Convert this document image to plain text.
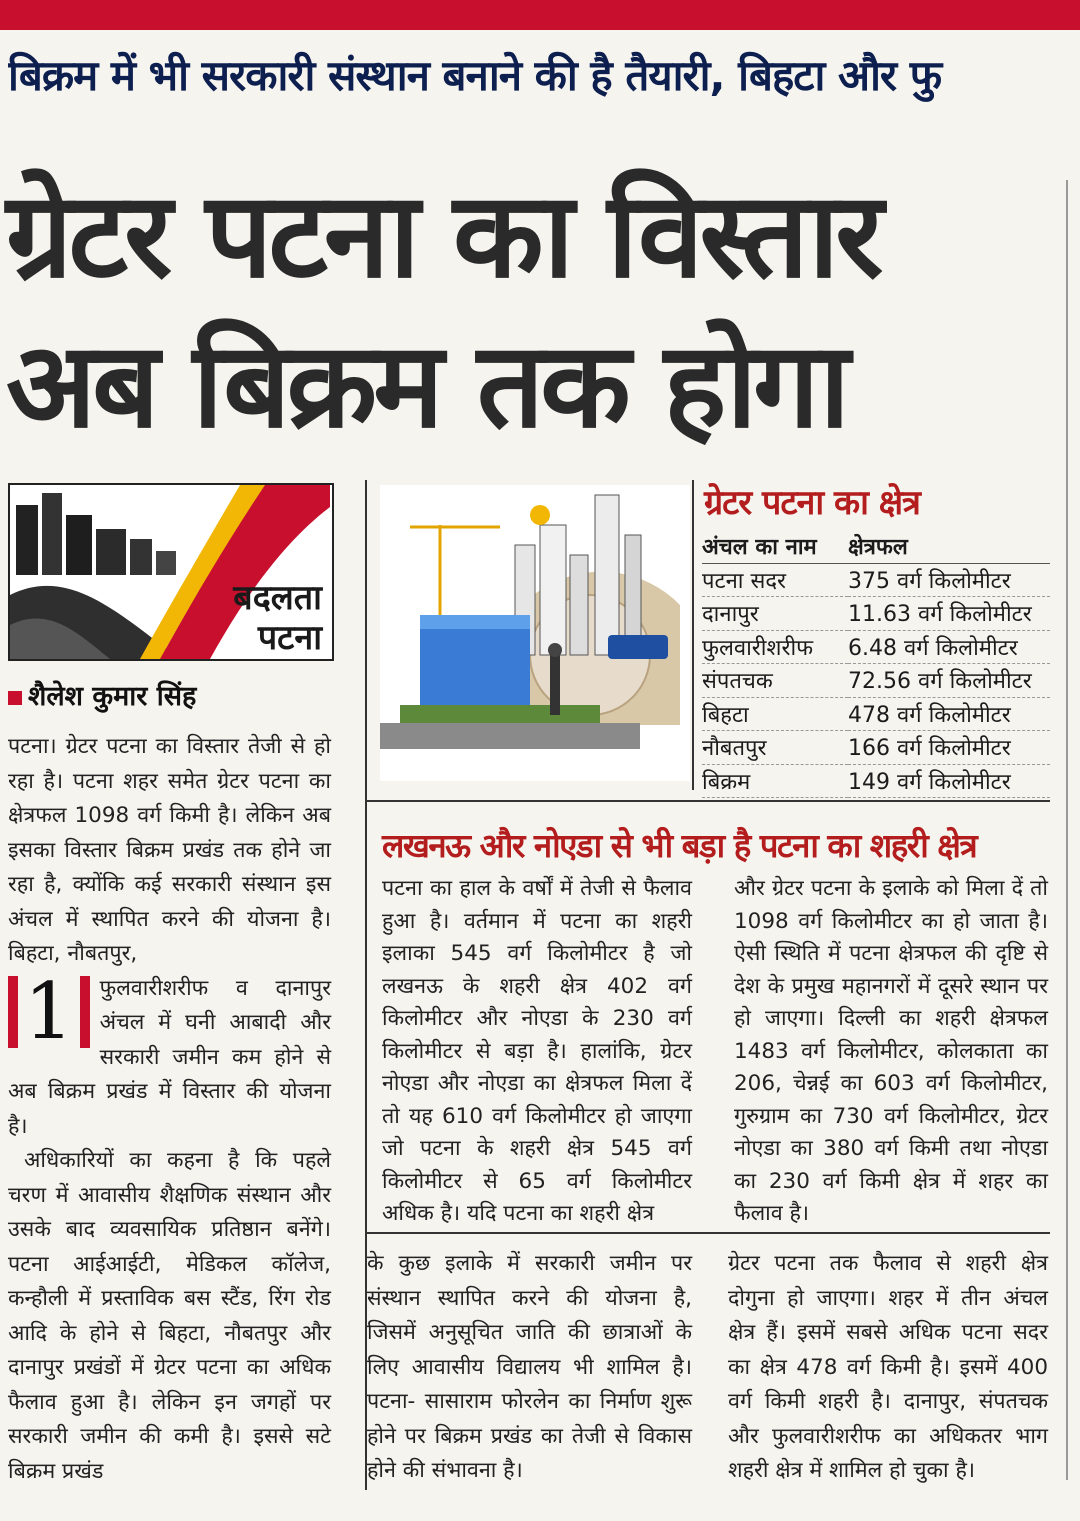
बिक्रम में भी सरकारी संस्थान बनाने की है तैयारी, बिहटा और फु
ग्रेटर पटना का विस्तार
अब बिक्रम तक होगा
बदलता
पटना
शैलेश कुमार सिंह

पटना। ग्रेटर पटना का विस्तार तेजी से हो रहा है। पटना शहर समेत ग्रेटर पटना का क्षेत्रफल 1098 वर्ग किमी है। लेकिन अब इसका विस्तार बिक्रम प्रखंड तक होने जा रहा है, क्योंकि कई सरकारी संस्थान इस अंचल में स्थापित करने की योजना है। बिहटा, नौबतपुर,

1	फुलवारीशरीफ व दानापुर अंचल में घनी आबादी और सरकारी जमीन कम होने से अब बिक्रम प्रखंड में विस्तार की योजना है।

अधिकारियों का कहना है कि पहले चरण में आवासीय शैक्षणिक संस्थान और उसके बाद व्यवसायिक प्रतिष्ठान बनेंगे। पटना आईआईटी, मेडिकल कॉलेज, कन्हौली में प्रस्ताविक बस स्टैंड, रिंग रोड आदि के होने से बिहटा, नौबतपुर और दानापुर प्रखंडों में ग्रेटर पटना का अधिक फैलाव हुआ है। लेकिन इन जगहों पर सरकारी जमीन की कमी है। इससे सटे बिक्रम प्रखंड

ग्रेटर पटना का क्षेत्र
अंचल का नाम	क्षेत्रफल
पटना सदर	375 वर्ग किलोमीटर
दानापुर	11.63 वर्ग किलोमीटर
फुलवारीशरीफ	6.48 वर्ग किलोमीटर
संपतचक	72.56 वर्ग किलोमीटर
बिहटा	478 वर्ग किलोमीटर
नौबतपुर	166 वर्ग किलोमीटर
बिक्रम	149 वर्ग किलोमीटर
लखनऊ और नोएडा से भी बड़ा है पटना का शहरी क्षेत्र
पटना का हाल के वर्षों में तेजी से फैलाव हुआ है। वर्तमान में पटना का शहरी इलाका 545 वर्ग किलोमीटर है जो लखनऊ के शहरी क्षेत्र 402 वर्ग किलोमीटर और नोएडा के 230 वर्ग किलोमीटर से बड़ा है। हालांकि, ग्रेटर नोएडा और नोएडा का क्षेत्रफल मिला दें तो यह 610 वर्ग किलोमीटर हो जाएगा जो पटना के शहरी क्षेत्र 545 वर्ग किलोमीटर से 65 वर्ग किलोमीटर अधिक है। यदि पटना का शहरी क्षेत्र
और ग्रेटर पटना के इलाके को मिला दें तो 1098 वर्ग किलोमीटर का हो जाता है। ऐसी स्थिति में पटना क्षेत्रफल की दृष्टि से देश के प्रमुख महानगरों में दूसरे स्थान पर हो जाएगा। दिल्ली का शहरी क्षेत्रफल 1483 वर्ग किलोमीटर, कोलकाता का 206, चेन्नई का 603 वर्ग किलोमीटर, गुरुग्राम का 730 वर्ग किलोमीटर, ग्रेटर नोएडा का 380 वर्ग किमी तथा नोएडा का 230 वर्ग किमी क्षेत्र में शहर का फैलाव है।
के कुछ इलाके में सरकारी जमीन पर संस्थान स्थापित करने की योजना है, जिसमें अनुसूचित जाति की छात्राओं के लिए आवासीय विद्यालय भी शामिल है। पटना- सासाराम फोरलेन का निर्माण शुरू होने पर बिक्रम प्रखंड का तेजी से विकास होने की संभावना है।
ग्रेटर पटना तक फैलाव से शहरी क्षेत्र दोगुना हो जाएगा। शहर में तीन अंचल क्षेत्र हैं। इसमें सबसे अधिक पटना सदर का क्षेत्र 478 वर्ग किमी है। इसमें 400 वर्ग किमी शहरी है। दानापुर, संपतचक और फुलवारीशरीफ का अधिकतर भाग शहरी क्षेत्र में शामिल हो चुका है।
